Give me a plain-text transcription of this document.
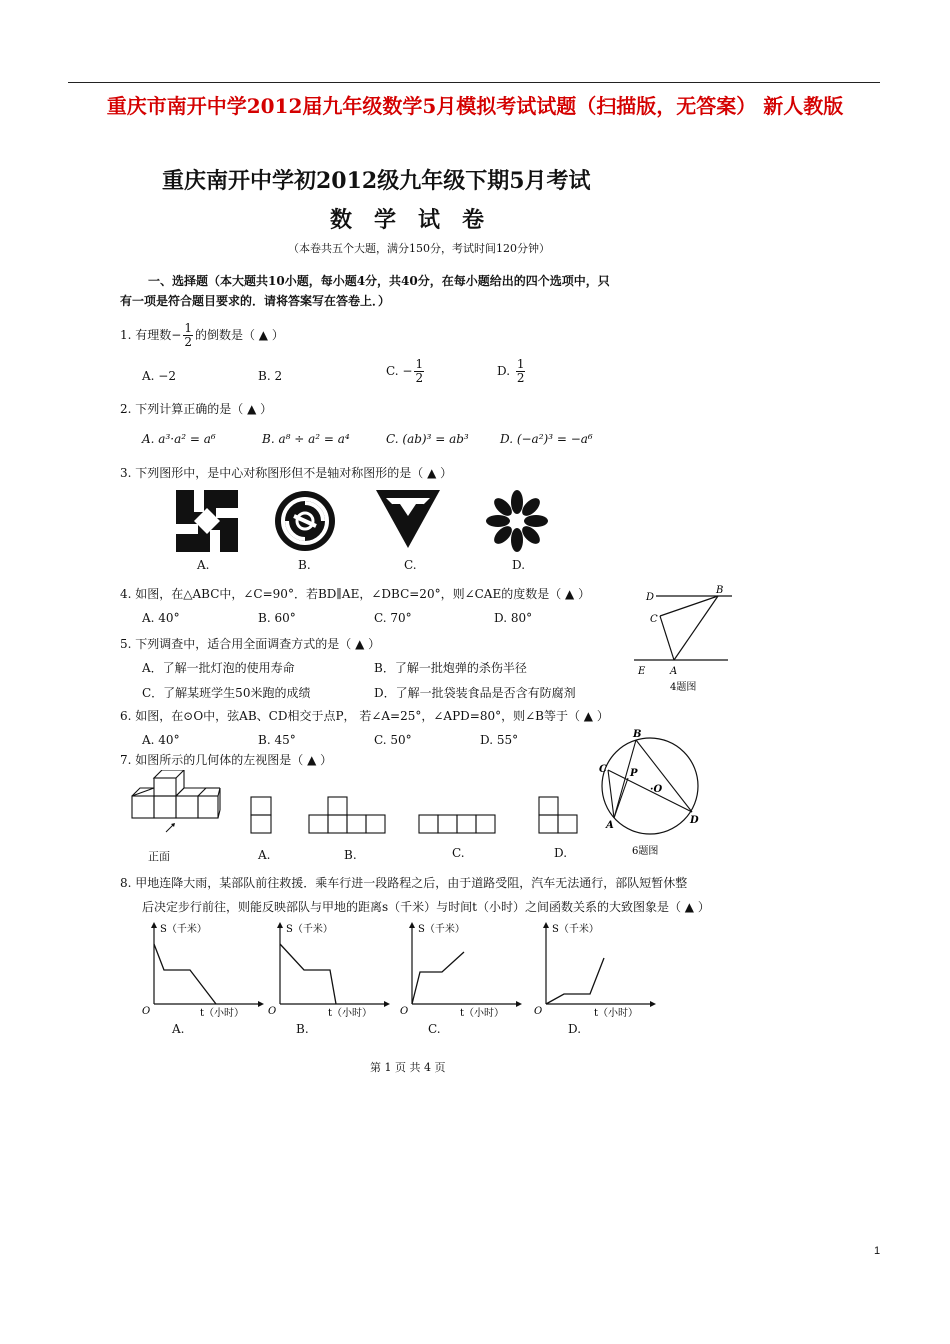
重庆市南开中学2012届九年级数学5月模拟考试试题（扫描版，无答案） 新人教版
重庆南开中学初2012级九年级下期5月考试
数学试卷
（本卷共五个大题，满分150分，考试时间120分钟）
一、选择题（本大题共10小题，每小题4分，共40分，在每小题给出的四个选项中，只
有一项是符合题目要求的．请将答案写在答卷上．）
1. 有理数− $\frac{1}{2}$ 的倒数是（ ▲ ）
A. −2	B. 2	C. − $\frac{1}{2}$	D. $\frac{1}{2}$
2. 下列计算正确的是（ ▲ ）
A. a³·a² = a⁶	B. a⁸ ÷ a² = a⁴	C. (ab)³ = ab³	D. (−a²)³ = −a⁶
3. 下列图形中，是中心对称图形但不是轴对称图形的是（ ▲ ）
A.	B.	C.	D.
4. 如图，在△ABC中，∠C=90°．若BD∥AE，∠DBC=20°，则∠CAE的度数是（ ▲ ）
A. 40°	B. 60°	C. 70°	D. 80°
B
D
C
E A
4题图
5. 下列调查中，适合用全面调查方式的是（ ▲ ）
A．了解一批灯泡的使用寿命	B．了解一批炮弹的杀伤半径
C．了解某班学生50米跑的成绩	D．了解一批袋装食品是否含有防腐剂
6. 如图，在⊙O中，弦AB、CD相交于点P， 若∠A=25°，∠APD=80°，则∠B等于（ ▲ ）
A. 40°	B. 45°	C. 50°	D. 55°	B
C P
·O
A	D
6题图
7. 如图所示的几何体的左视图是（ ▲ ）
正面	A.	B.	C.	D.
8. 甲地连降大雨，某部队前往救援．乘车行进一段路程之后，由于道路受阻，汽车无法通行，部队短暂休整
后决定步行前往，则能反映部队与甲地的距离s（千米）与时间t（小时）之间函数关系的大致图象是（ ▲ ）
S（千米）
O	t（小时）
S（千米）
O	t（小时）
S（千米）
O	t（小时）
S（千米）
O	t（小时）
A.	B.	C.	D.
第 1 页 共 4 页
1
